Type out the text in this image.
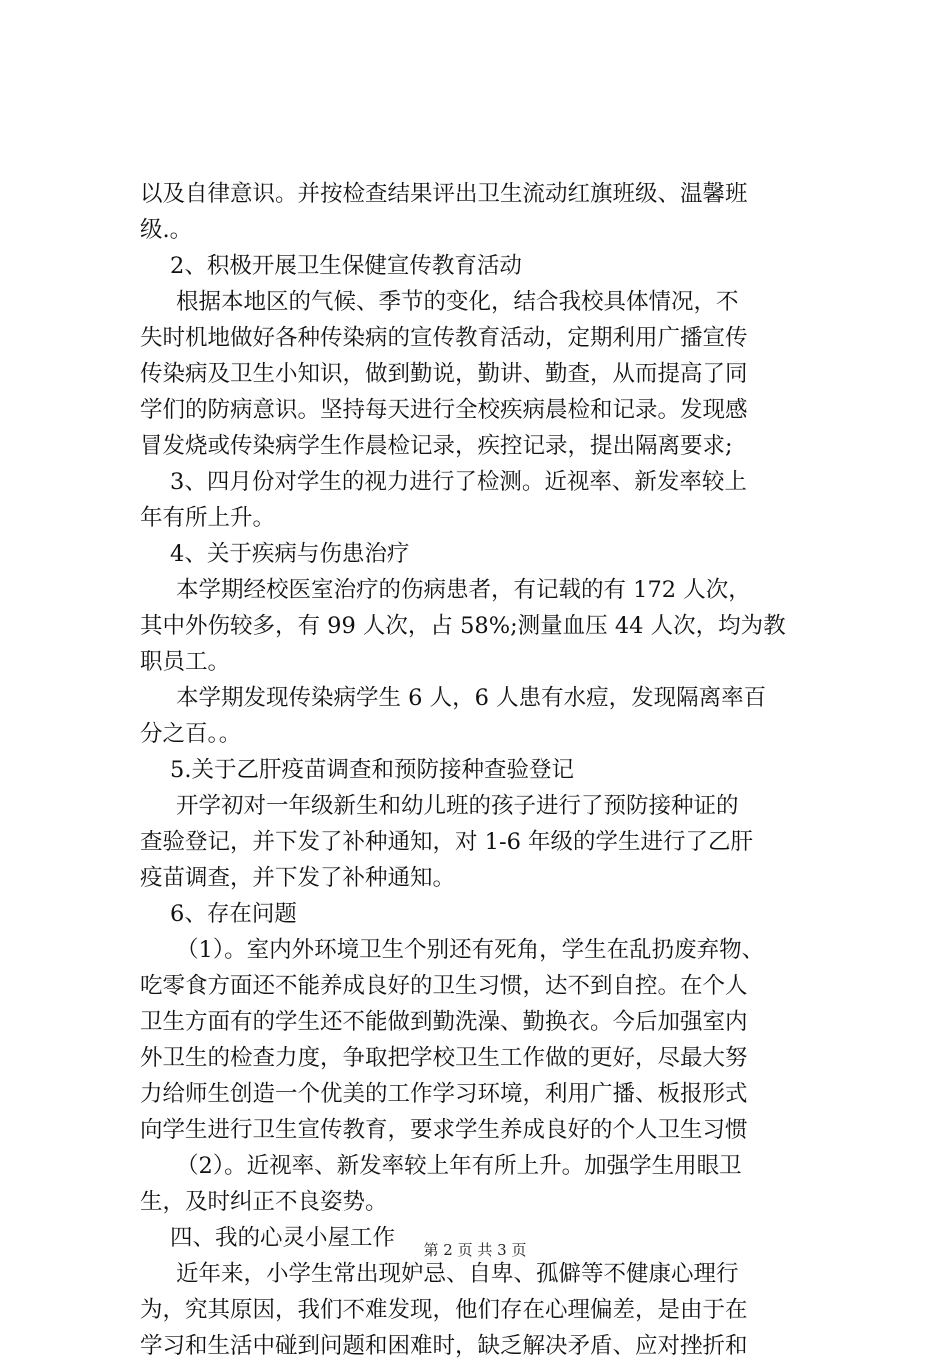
以及自律意识。并按检查结果评出卫生流动红旗班级、温馨班
级.。
2、积极开展卫生保健宣传教育活动
根据本地区的气候、季节的变化，结合我校具体情况，不
失时机地做好各种传染病的宣传教育活动，定期利用广播宣传
传染病及卫生小知识，做到勤说，勤讲、勤查，从而提高了同
学们的防病意识。坚持每天进行全校疾病晨检和记录。发现感
冒发烧或传染病学生作晨检记录，疾控记录，提出隔离要求;
3、四月份对学生的视力进行了检测。近视率、新发率较上
年有所上升。
4、关于疾病与伤患治疗
本学期经校医室治疗的伤病患者，有记载的有 172 人次，
其中外伤较多，有 99 人次，占 58%;测量血压 44 人次，均为教
职员工。
本学期发现传染病学生 6 人，6 人患有水痘，发现隔离率百
分之百。。
5.关于乙肝疫苗调查和预防接种查验登记
开学初对一年级新生和幼儿班的孩子进行了预防接种证的
查验登记，并下发了补种通知，对 1-6 年级的学生进行了乙肝
疫苗调查，并下发了补种通知。
6、存在问题
（1）。室内外环境卫生个别还有死角，学生在乱扔废弃物、
吃零食方面还不能养成良好的卫生习惯，达不到自控。在个人
卫生方面有的学生还不能做到勤洗澡、勤换衣。今后加强室内
外卫生的检查力度，争取把学校卫生工作做的更好，尽最大努
力给师生创造一个优美的工作学习环境，利用广播、板报形式
向学生进行卫生宣传教育，要求学生养成良好的个人卫生习惯
（2）。近视率、新发率较上年有所上升。加强学生用眼卫
生，及时纠正不良姿势。
四、我的心灵小屋工作
近年来，小学生常出现妒忌、自卑、孤僻等不健康心理行
为，究其原因，我们不难发现，他们存在心理偏差，是由于在
学习和生活中碰到问题和困难时，缺乏解决矛盾、应对挫折和
第 2 页 共 3 页
